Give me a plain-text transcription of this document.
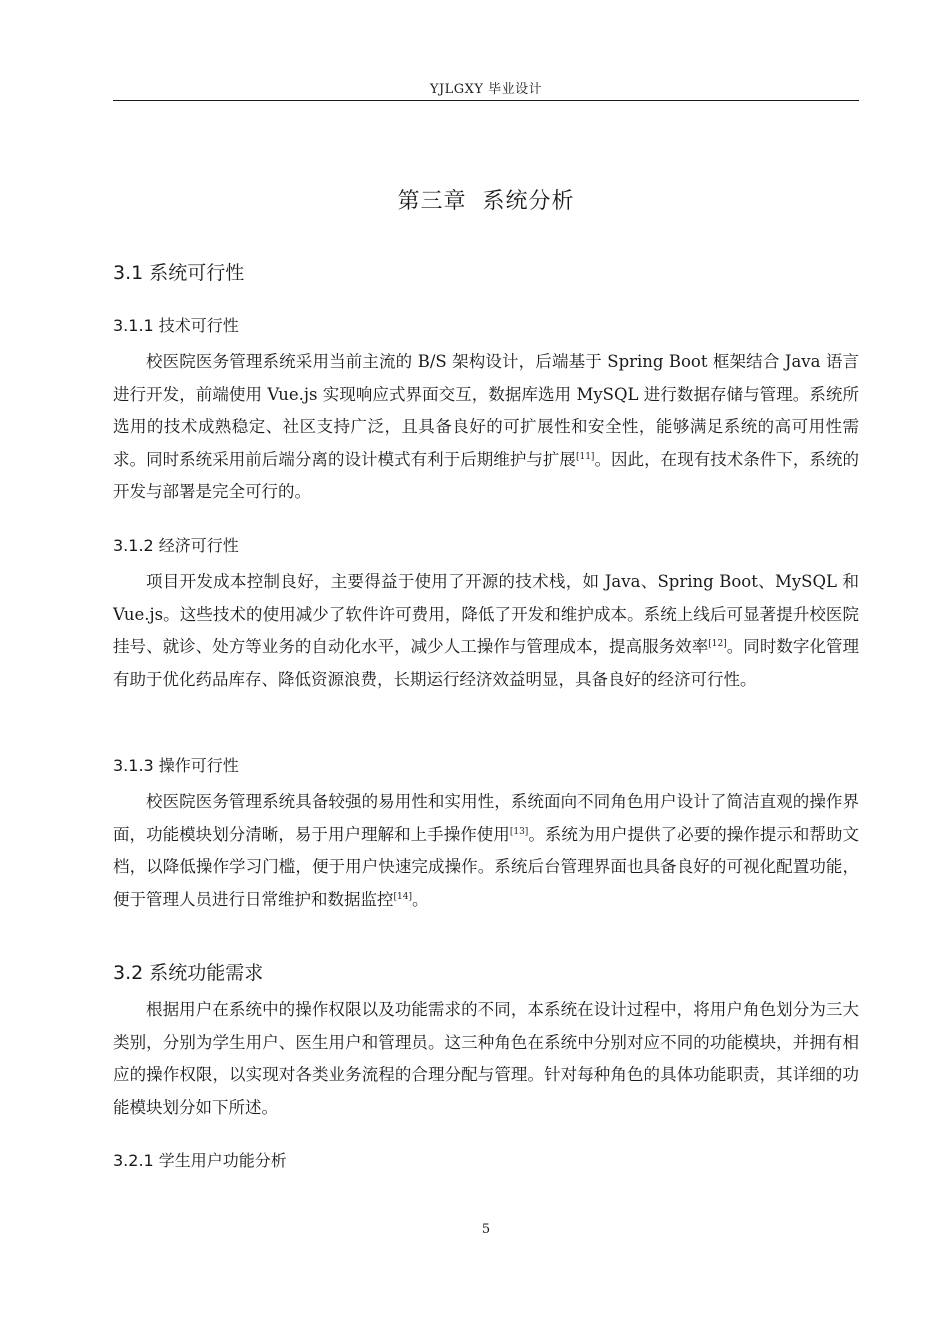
YJLGXY 毕业设计
第三章  系统分析
3.1 系统可行性
3.1.1 技术可行性

校医院医务管理系统采用当前主流的 B/S 架构设计，后端基于 Spring Boot 框架结合 Java 语言进行开发，前端使用 Vue.js 实现响应式界面交互，数据库选用 MySQL 进行数据存储与管理。系统所选用的技术成熟稳定、社区支持广泛，且具备良好的可扩展性和安全性，能够满足系统的高可用性需求。同时系统采用前后端分离的设计模式有利于后期维护与扩展[11]。因此，在现有技术条件下，系统的开发与部署是完全可行的。

3.1.2 经济可行性

项目开发成本控制良好，主要得益于使用了开源的技术栈，如 Java、Spring Boot、MySQL 和 Vue.js。这些技术的使用减少了软件许可费用，降低了开发和维护成本。系统上线后可显著提升校医院挂号、就诊、处方等业务的自动化水平，减少人工操作与管理成本，提高服务效率[12]。同时数字化管理有助于优化药品库存、降低资源浪费，长期运行经济效益明显，具备良好的经济可行性。

3.1.3 操作可行性

校医院医务管理系统具备较强的易用性和实用性，系统面向不同角色用户设计了简洁直观的操作界面，功能模块划分清晰，易于用户理解和上手操作使用[13]。系统为用户提供了必要的操作提示和帮助文档，以降低操作学习门槛，便于用户快速完成操作。系统后台管理界面也具备良好的可视化配置功能，便于管理人员进行日常维护和数据监控[14]。

3.2 系统功能需求

根据用户在系统中的操作权限以及功能需求的不同，本系统在设计过程中，将用户角色划分为三大类别，分别为学生用户、医生用户和管理员。这三种角色在系统中分别对应不同的功能模块，并拥有相应的操作权限，以实现对各类业务流程的合理分配与管理。针对每种角色的具体功能职责，其详细的功能模块划分如下所述。

3.2.1 学生用户功能分析
5
